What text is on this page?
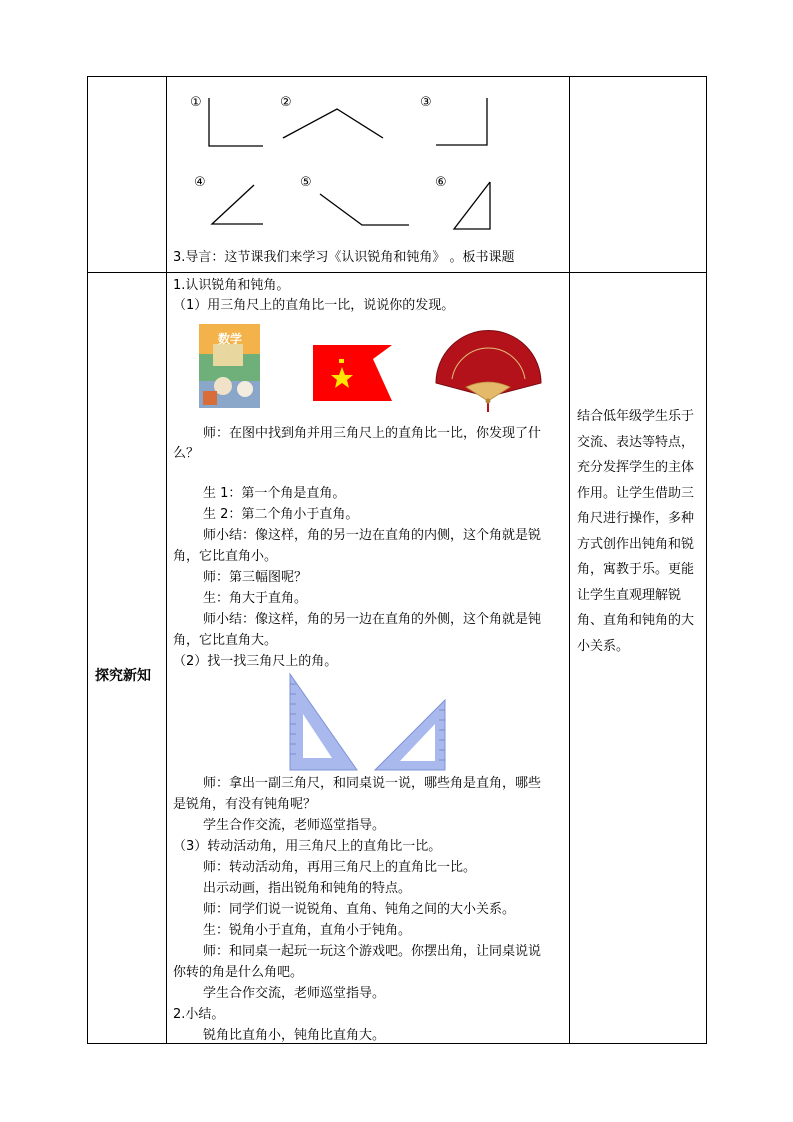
①	②	③
④	⑤	⑥
3.导言：这节课我们来学习《认识锐角和钝角》 。板书课题
探究新知
1.认识锐角和钝角。
（1）用三角尺上的直角比一比，说说你的发现。
数学
师：在图中找到角并用三角尺上的直角比一比，你发现了什
么？
生 1：第一个角是直角。
生 2：第二个角小于直角。
师小结：像这样，角的另一边在直角的内侧，这个角就是锐
角，它比直角小。
师：第三幅图呢？
生：角大于直角。
师小结：像这样，角的另一边在直角的外侧，这个角就是钝
角，它比直角大。
（2）找一找三角尺上的角。
师：拿出一副三角尺，和同桌说一说，哪些角是直角，哪些
是锐角，有没有钝角呢？
学生合作交流，老师巡堂指导。
（3）转动活动角，用三角尺上的直角比一比。
师：转动活动角，再用三角尺上的直角比一比。
出示动画，指出锐角和钝角的特点。
师：同学们说一说锐角、直角、钝角之间的大小关系。
生：锐角小于直角，直角小于钝角。
师：和同桌一起玩一玩这个游戏吧。你摆出角，让同桌说说
你转的角是什么角吧。
学生合作交流，老师巡堂指导。
2.小结。
锐角比直角小，钝角比直角大。
结合低年级学生乐于交流、表达等特点，充分发挥学生的主体作用。让学生借助三角尺进行操作，多种方式创作出钝角和锐角，寓教于乐。更能让学生直观理解锐角、直角和钝角的大小关系。
